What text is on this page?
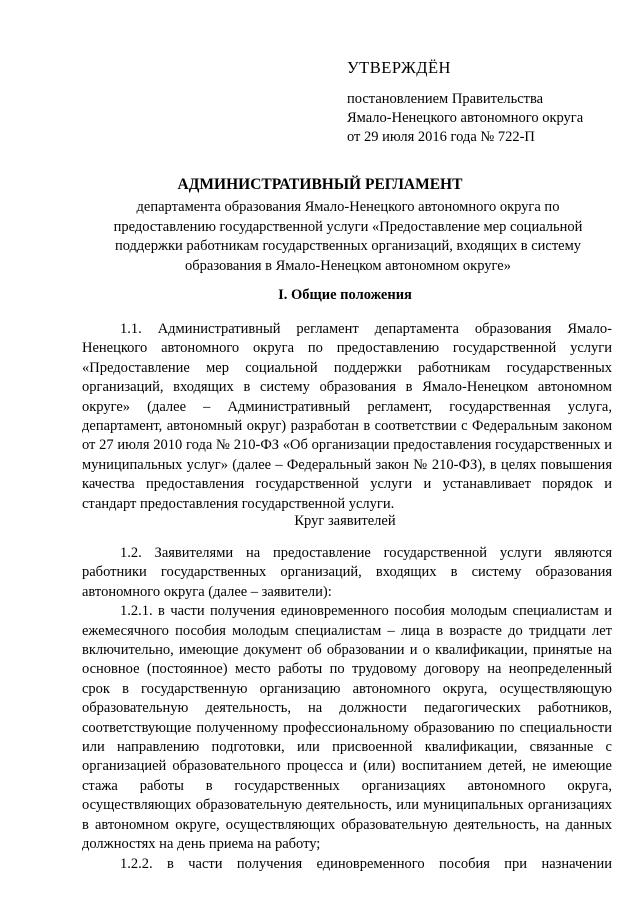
УТВЕРЖДЁН
постановлением Правительства
Ямало-Ненецкого автономного округа
от 29 июля 2016 года № 722-П
АДМИНИСТРАТИВНЫЙ РЕГЛАМЕНТ
департамента образования Ямало-Ненецкого автономного округа по
предоставлению государственной услуги «Предоставление мер социальной
поддержки работникам государственных организаций, входящих в систему
образования в Ямало-Ненецком автономном округе»
I. Общие положения

1.1. Административный регламент департамента образования Ямало-Ненецкого автономного округа по предоставлению государственной услуги «Предоставление мер социальной поддержки работникам государственных организаций, входящих в систему образования в Ямало-Ненецком автономном округе» (далее – Административный регламент, государственная услуга, департамент, автономный округ) разработан в соответствии с Федеральным законом от 27 июля 2010 года № 210-ФЗ «Об организации предоставления государственных и муниципальных услуг» (далее – Федеральный закон № 210-ФЗ), в целях повышения качества предоставления государственной услуги и устанавливает порядок и стандарт предоставления государственной услуги.

Круг заявителей

1.2. Заявителями на предоставление государственной услуги являются работники государственных организаций, входящих в систему образования автономного округа (далее – заявители):

1.2.1. в части получения единовременного пособия молодым специалистам и ежемесячного пособия молодым специалистам – лица в возрасте до тридцати лет включительно, имеющие документ об образовании и о квалификации, принятые на основное (постоянное) место работы по трудовому договору на неопределенный срок в государственную организацию автономного округа, осуществляющую образовательную деятельность, на должности педагогических работников, соответствующие полученному профессиональному образованию по специальности или направлению подготовки, или присвоенной квалификации, связанные с организацией образовательного процесса и (или) воспитанием детей, не имеющие стажа работы в государственных организациях автономного округа, осуществляющих образовательную деятельность, или муниципальных организациях в автономном округе, осуществляющих образовательную деятельность, на данных должностях на день приема на работу;

1.2.2. в части получения единовременного пособия при назначении
